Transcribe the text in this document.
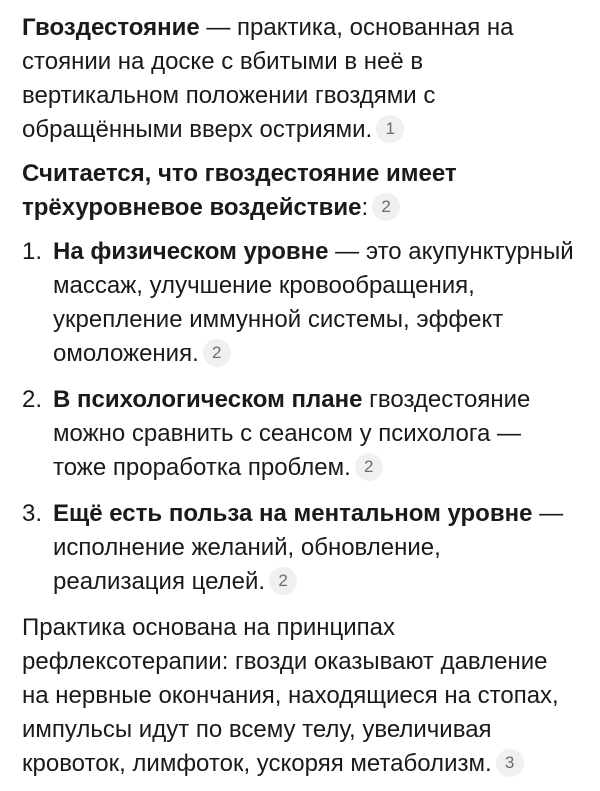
Гвоздестояние — практика, основанная на стоянии на доске с вбитыми в неё в вертикальном положении гвоздями с обращёнными вверх остриями. 1

Считается, что гвоздестояние имеет трёхуровневое воздействие: 2

1. На физическом уровне — это акупунктурный массаж, улучшение кровообращения, укрепление иммунной системы, эффект омоложения. 2
2. В психологическом плане гвоздестояние можно сравнить с сеансом у психолога — тоже проработка проблем. 2
3. Ещё есть польза на ментальном уровне — исполнение желаний, обновление, реализация целей. 2

Практика основана на принципах рефлексотерапии: гвозди оказывают давление на нервные окончания, находящиеся на стопах, импульсы идут по всему телу, увеличивая кровоток, лимфоток, ускоряя метаболизм. 3
